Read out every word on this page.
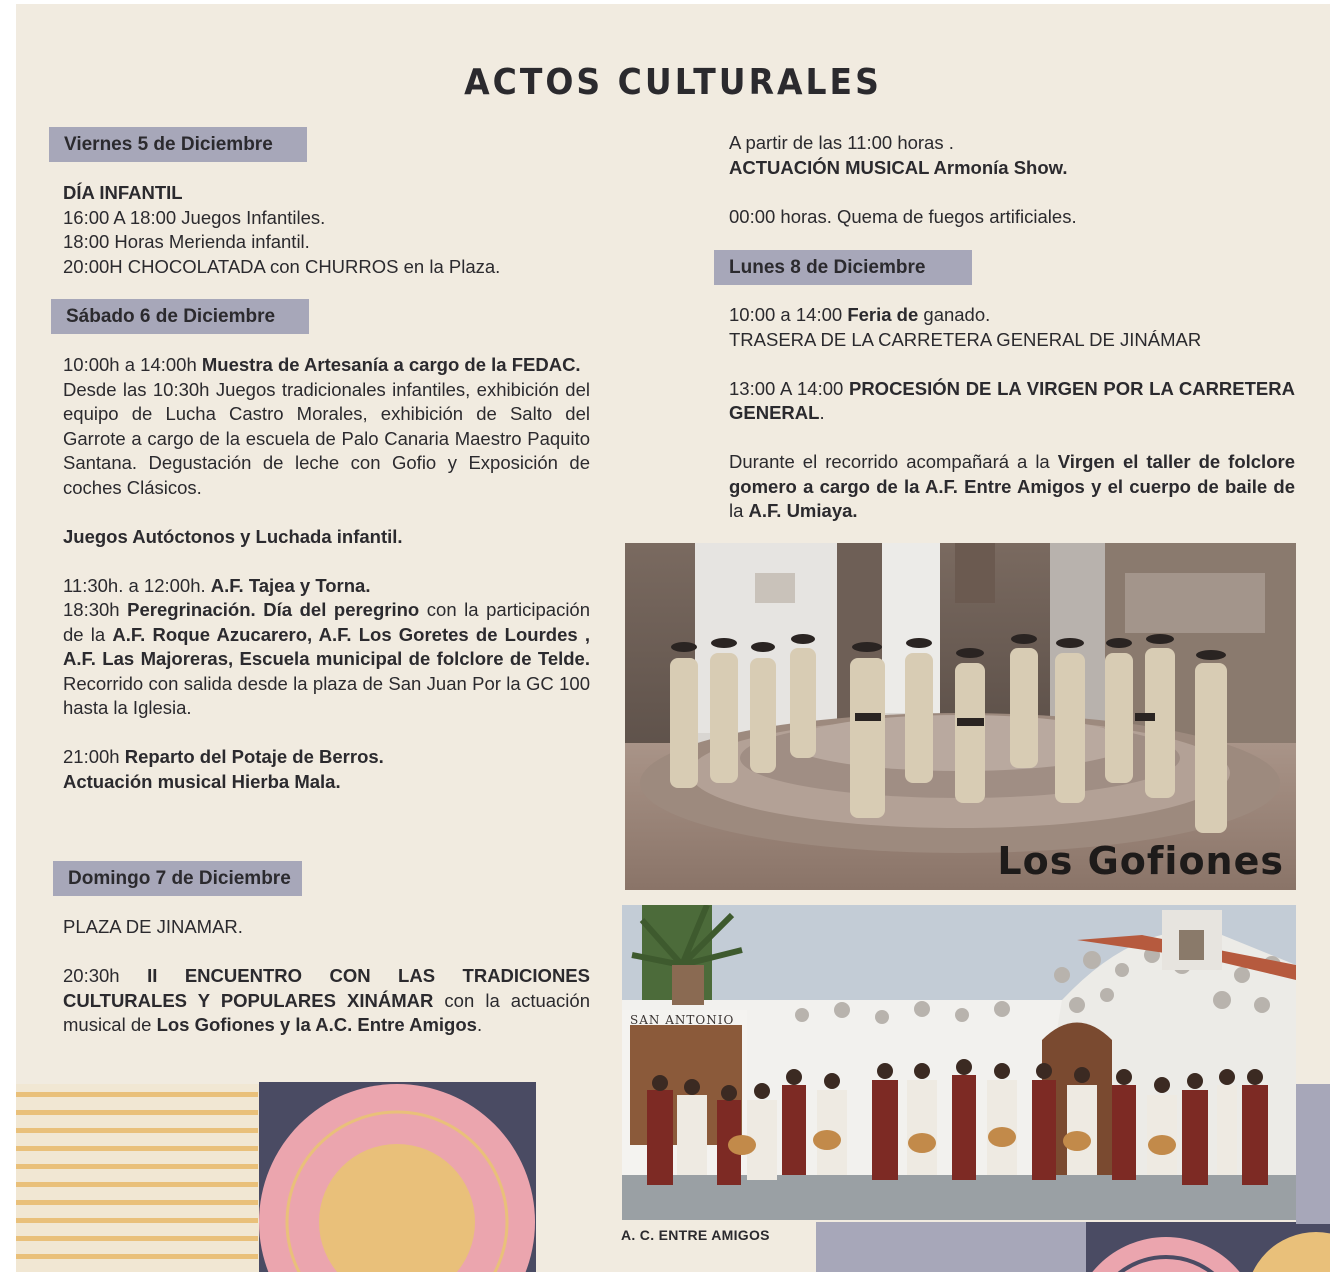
ACTOS CULTURALES
Viernes 5 de Diciembre
DÍA INFANTIL
16:00 A 18:00 Juegos Infantiles.
18:00 Horas Merienda infantil.
20:00H CHOCOLATADA con CHURROS en la Plaza.
Sábado 6 de Diciembre
10:00h a 14:00h Muestra de Artesanía a cargo de la FEDAC.
Desde las 10:30h Juegos tradicionales infantiles, exhibición del equipo de Lucha Castro Morales, exhibición de Salto del Garrote a cargo de la escuela de Palo Canaria Maestro Paquito Santana. Degustación de leche con Gofio y Exposición de coches Clásicos.
Juegos Autóctonos y Luchada infantil.
11:30h. a 12:00h. A.F. Tajea y Torna.
18:30h Peregrinación. Día del peregrino con la participación de la A.F. Roque Azucarero, A.F. Los Goretes de Lourdes , A.F. Las Majoreras, Escuela municipal de folclore de Telde. Recorrido con salida desde la plaza de San Juan Por la GC 100 hasta la Iglesia.
21:00h Reparto del Potaje de Berros.
Actuación musical Hierba Mala.
Domingo 7 de Diciembre
PLAZA DE JINAMAR.
20:30h II ENCUENTRO CON LAS TRADICIONES CULTURALES Y POPULARES XINÁMAR con la actuación musical de Los Gofiones y la A.C. Entre Amigos.
A partir de las 11:00 horas .
ACTUACIÓN MUSICAL Armonía Show.
00:00 horas. Quema de fuegos artificiales.
Lunes 8 de Diciembre
10:00 a 14:00 Feria de ganado.
TRASERA DE LA CARRETERA GENERAL DE JINÁMAR
13:00 A 14:00 PROCESIÓN DE LA VIRGEN POR LA CARRETERA GENERAL.
Durante el recorrido acompañará a la Virgen el taller de folclore gomero a cargo de la A.F. Entre Amigos y el cuerpo de baile de la A.F. Umiaya.
Los Gofiones
SAN ANTONIO
A. C. ENTRE AMIGOS
